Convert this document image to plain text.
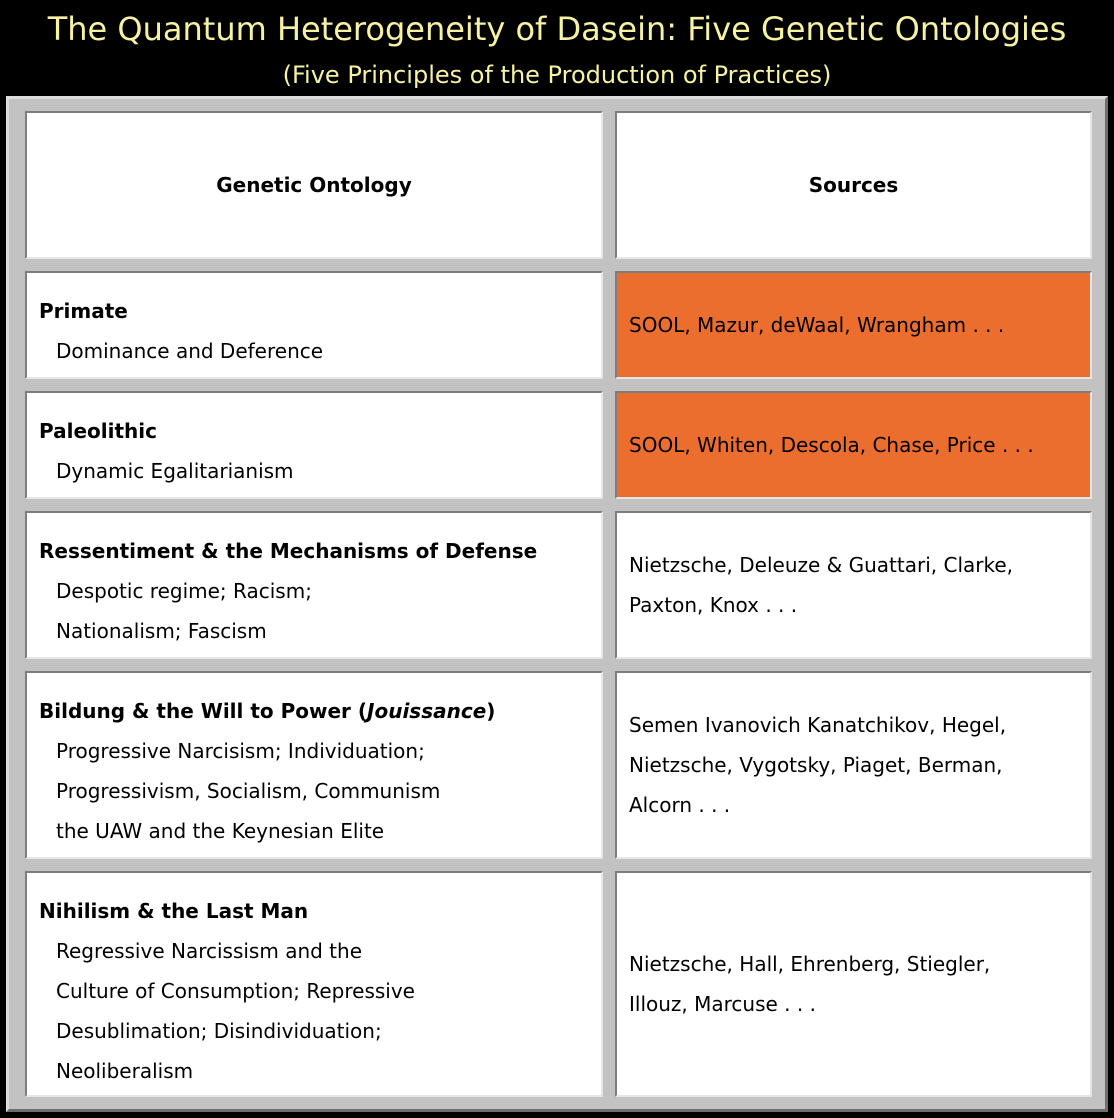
The Quantum Heterogeneity of Dasein: Five Genetic Ontologies
(Five Principles of the Production of Practices)
Genetic Ontology	Sources
Primate
Dominance and Deference
SOOL, Mazur, deWaal, Wrangham . . .
Paleolithic
Dynamic Egalitarianism
SOOL, Whiten, Descola, Chase, Price . . .
Ressentiment & the Mechanisms of Defense
Despotic regime; Racism;
Nationalism; Fascism
Nietzsche, Deleuze & Guattari, Clarke,
Paxton, Knox . . .
Bildung & the Will to Power (Jouissance)
Progressive Narcisism; Individuation;
Progressivism, Socialism, Communism
the UAW and the Keynesian Elite
Semen Ivanovich Kanatchikov, Hegel,
Nietzsche, Vygotsky, Piaget, Berman,
Alcorn . . .
Nihilism & the Last Man
Regressive Narcissism and the
Culture of Consumption; Repressive
Desublimation; Disindividuation;
Neoliberalism
Nietzsche, Hall, Ehrenberg, Stiegler,
Illouz, Marcuse . . .
